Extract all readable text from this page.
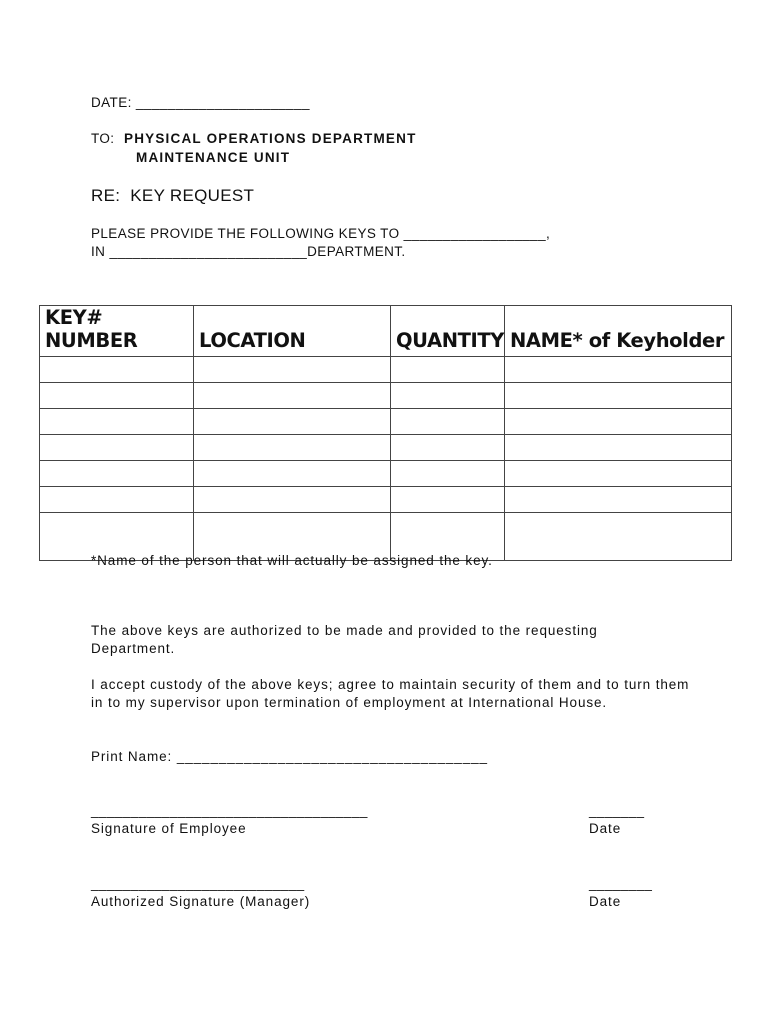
DATE: ______________________
TO: PHYSICAL OPERATIONS DEPARTMENT
MAINTENANCE UNIT
RE:  KEY REQUEST
PLEASE PROVIDE THE FOLLOWING KEYS TO __________________,
IN _________________________DEPARTMENT.
KEY# NUMBER	LOCATION	QUANTITY	NAME* of Keyholder

*Name of the person that will actually be assigned the key.
The above keys are authorized to be made and provided to the requesting Department.
I accept custody of the above keys; agree to maintain security of them and to turn them in to my supervisor upon termination of employment at International House.
Print Name: _____________________________________
___________________________________
Signature of Employee
_______
Date
___________________________
Authorized Signature (Manager)
________
Date
